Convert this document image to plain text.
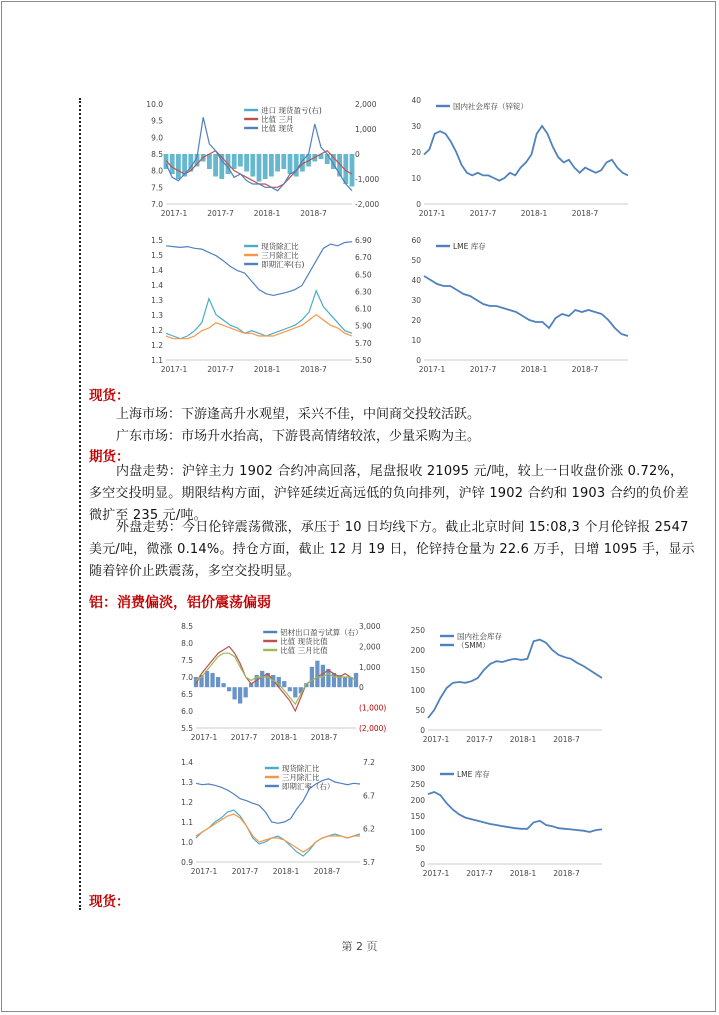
10.0
9.5
9.0
8.5
8.0
7.5
7.0
2,000
1,000
0
-1,000
-2,000
2017-1	2017-7	2018-1	2018-7
进口 现货盈亏(右)
比值 三月
比值 现货
40
30
20
10
0
2017-1	2017-7	2018-1	2018-7
国内社会库存（锌锭）
1.5
1.5
1.4
1.4
1.3
1.3
1.2
1.2
1.1
6.90
6.70
6.50
6.30
6.10
5.90
5.70
5.50
2017-1	2017-7	2018-1	2018-7
现货除汇比
三月除汇比
即期汇率(右)
60
50
40
30
20
10
0
2017-1	2017-7	2018-1	2018-7
LME 库存
现货：
上海市场：下游逢高升水观望，采兴不佳，中间商交投较活跃。
广东市场：市场升水抬高，下游畏高情绪较浓，少量采购为主。
期货：
内盘走势：沪锌主力 1902 合约冲高回落，尾盘报收 21095 元/吨，较上一日收盘价涨 0.72%，多空交投明显。期限结构方面，沪锌延续近高远低的负向排列，沪锌 1902 合约和 1903 合约的负价差微扩至 235 元/吨。
外盘走势：今日伦锌震荡微涨，承压于 10 日均线下方。截止北京时间 15:08,3 个月伦锌报 2547 美元/吨，微涨 0.14%。持仓方面，截止 12 月 19 日，伦锌持仓量为 22.6 万手，日增 1095 手，显示随着锌价止跌震荡，多空交投明显。
铝：消费偏淡，铝价震荡偏弱
8.5
8.0
7.5
7.0
6.5
6.0
5.5
3,000
2,000
1,000
0
(1,000)
(2,000)
2017-1 2017-7 2018-1 2018-7
铝材出口盈亏试算（右）
比值 现货比值
比值 三月比值
250
200
150
100
50
0
2017-1 2017-7 2018-1 2018-7
国内社会库存
（SMM）
1.4
1.3
1.2
1.1
1.0
0.9
7.2
6.7
6.2
5.7
2017-1 2017-7 2018-1 2018-7
现货除汇比
三月除汇比
即期汇率（右）
300
250
200
150
100
50
0
2017-1 2017-7 2018-1 2018-7
LME 库存
现货：
第 2 页
